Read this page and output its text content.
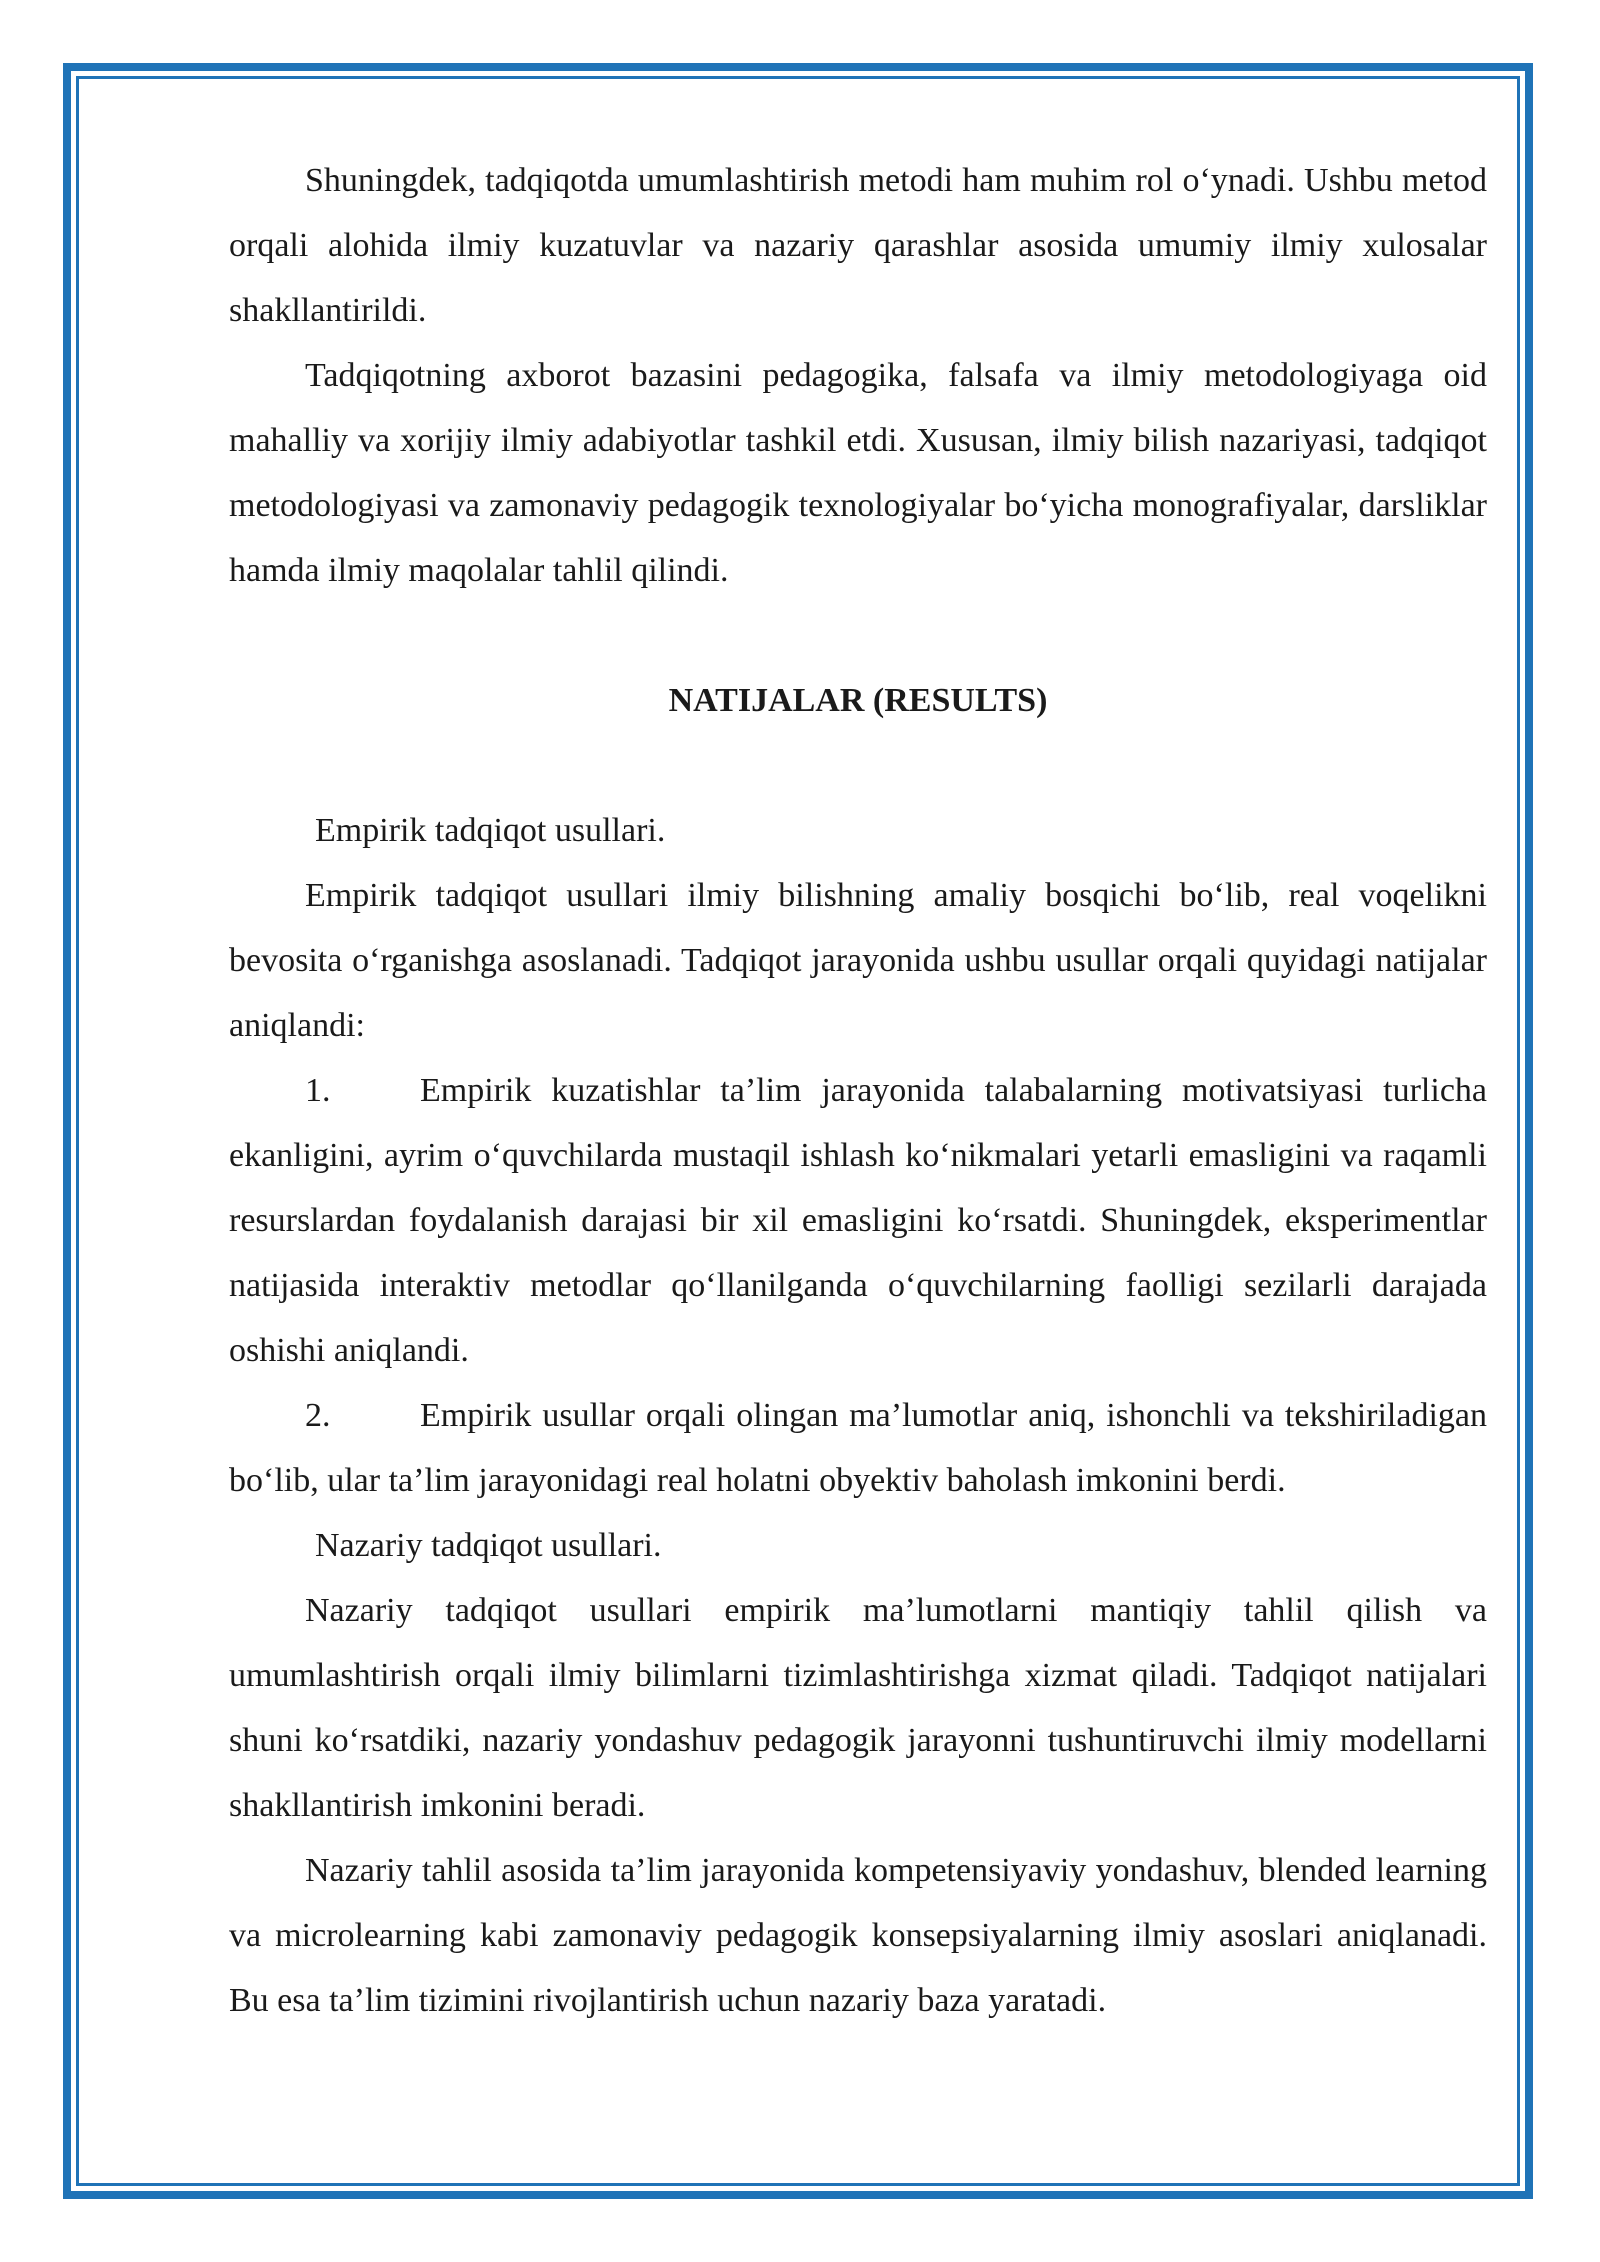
Shuningdek, tadqiqotda umumlashtirish metodi ham muhim rol o‘ynadi. Ushbu metod orqali alohida ilmiy kuzatuvlar va nazariy qarashlar asosida umumiy ilmiy xulosalar shakllantirildi.

Tadqiqotning axborot bazasini pedagogika, falsafa va ilmiy metodologiyaga oid mahalliy va xorijiy ilmiy adabiyotlar tashkil etdi. Xususan, ilmiy bilish nazariyasi, tadqiqot metodologiyasi va zamonaviy pedagogik texnologiyalar bo‘yicha monografiyalar, darsliklar hamda ilmiy maqolalar tahlil qilindi.

NATIJALAR (RESULTS)

Empirik tadqiqot usullari.

Empirik tadqiqot usullari ilmiy bilishning amaliy bosqichi bo‘lib, real voqelikni bevosita o‘rganishga asoslanadi. Tadqiqot jarayonida ushbu usullar orqali quyidagi natijalar aniqlandi:

1.	Empirik kuzatishlar ta’lim jarayonida talabalarning motivatsiyasi turlicha ekanligini, ayrim o‘quvchilarda mustaqil ishlash ko‘nikmalari yetarli emasligini va raqamli resurslardan foydalanish darajasi bir xil emasligini ko‘rsatdi. Shuningdek, eksperimentlar natijasida interaktiv metodlar qo‘llanilganda o‘quvchilarning faolligi sezilarli darajada oshishi aniqlandi.

2.	Empirik usullar orqali olingan ma’lumotlar aniq, ishonchli va tekshiriladigan bo‘lib, ular ta’lim jarayonidagi real holatni obyektiv baholash imkonini berdi.

Nazariy tadqiqot usullari.

Nazariy tadqiqot usullari empirik ma’lumotlarni mantiqiy tahlil qilish va umumlashtirish orqali ilmiy bilimlarni tizimlashtirishga xizmat qiladi. Tadqiqot natijalari shuni ko‘rsatdiki, nazariy yondashuv pedagogik jarayonni tushuntiruvchi ilmiy modellarni shakllantirish imkonini beradi.

Nazariy tahlil asosida ta’lim jarayonida kompetensiyaviy yondashuv, blended learning va microlearning kabi zamonaviy pedagogik konsepsiyalarning ilmiy asoslari aniqlanadi. Bu esa ta’lim tizimini rivojlantirish uchun nazariy baza yaratadi.
